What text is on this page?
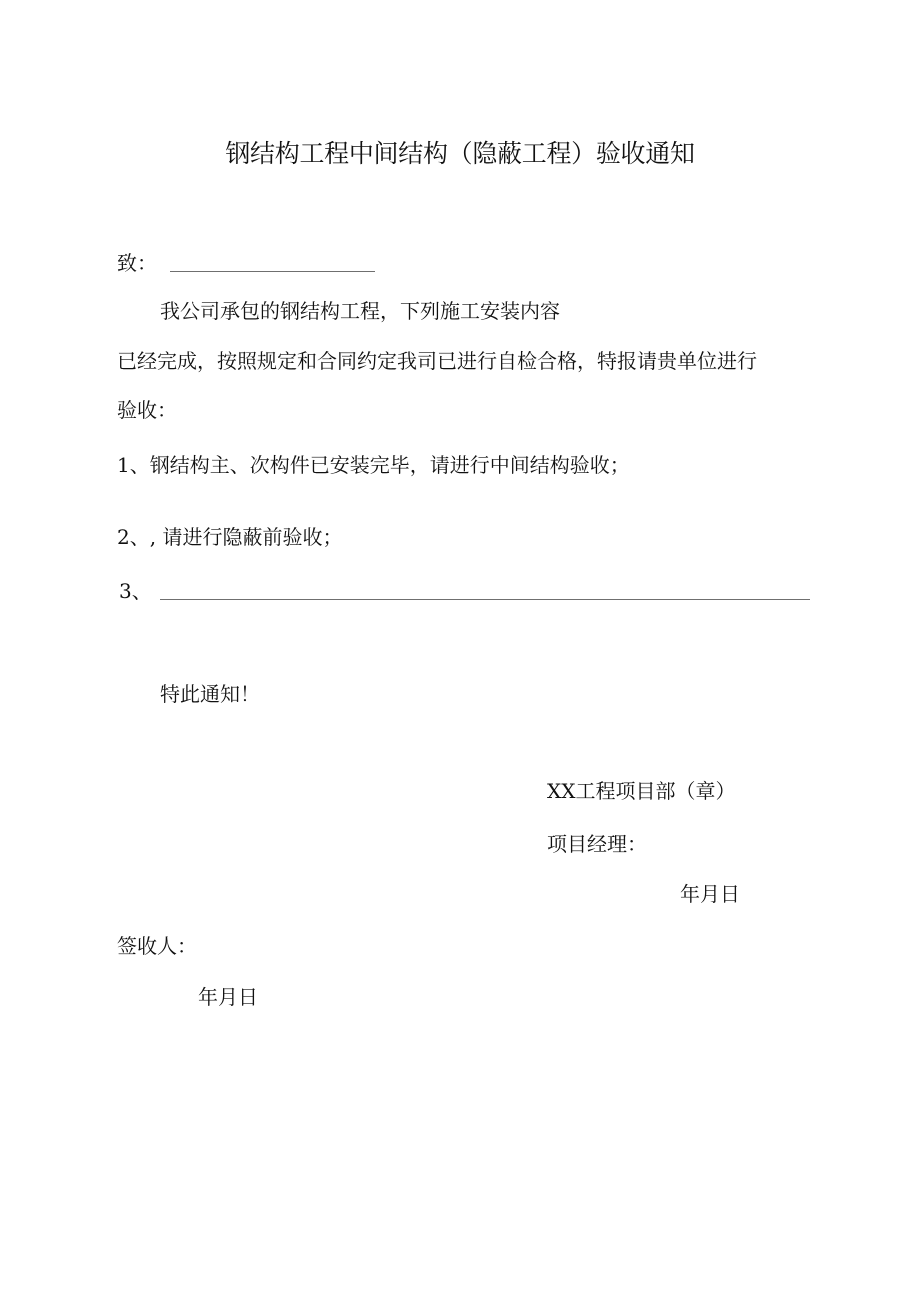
钢结构工程中间结构（隐蔽工程）验收通知
致：
我公司承包的钢结构工程，下列施工安装内容
已经完成，按照规定和合同约定我司已进行自检合格，特报请贵单位进行
验收：
1、钢结构主、次构件已安装完毕，请进行中间结构验收；
2、, 请进行隐蔽前验收；
3、
特此通知！
XX工程项目部（章）
项目经理：
年月日
签收人：
年月日
